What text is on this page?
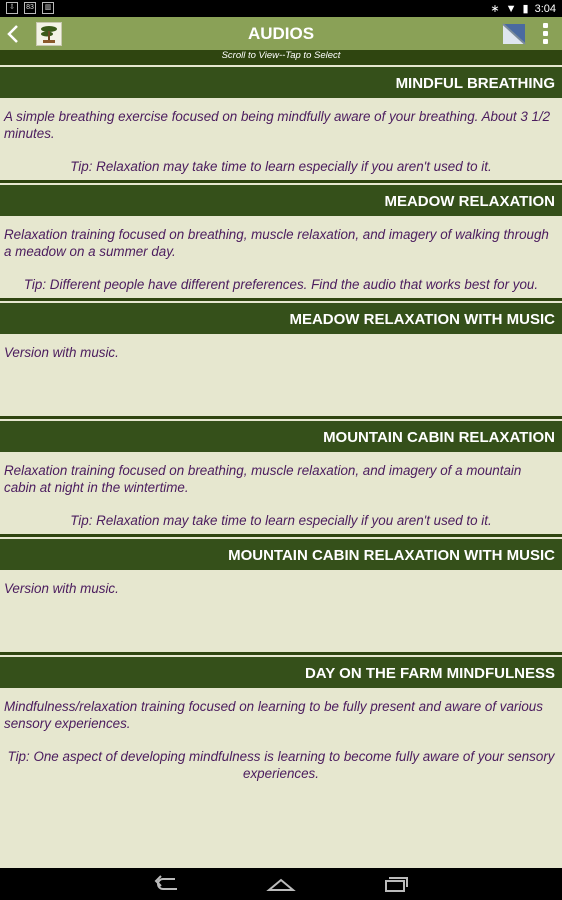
⇩	83	▥	∗ ▼ ▮ 3:04
AUDIOS
Scroll to View--Tap to Select
MINDFUL BREATHING
A simple breathing exercise focused on being mindfully aware of your breathing. About 3 1/2 minutes.
Tip: Relaxation may take time to learn especially if you aren't used to it.
MEADOW RELAXATION
Relaxation training focused on breathing, muscle relaxation, and imagery of walking through a meadow on a summer day.
Tip: Different people have different preferences. Find the audio that works best for you.
MEADOW RELAXATION WITH MUSIC
Version with music.
MOUNTAIN CABIN RELAXATION
Relaxation training focused on breathing, muscle relaxation, and imagery of a mountain cabin at night in the wintertime.
Tip: Relaxation may take time to learn especially if you aren't used to it.
MOUNTAIN CABIN RELAXATION WITH MUSIC
Version with music.
DAY ON THE FARM MINDFULNESS
Mindfulness/relaxation training focused on learning to be fully present and aware of various sensory experiences.
Tip: One aspect of developing mindfulness is learning to become fully aware of your sensory experiences.
